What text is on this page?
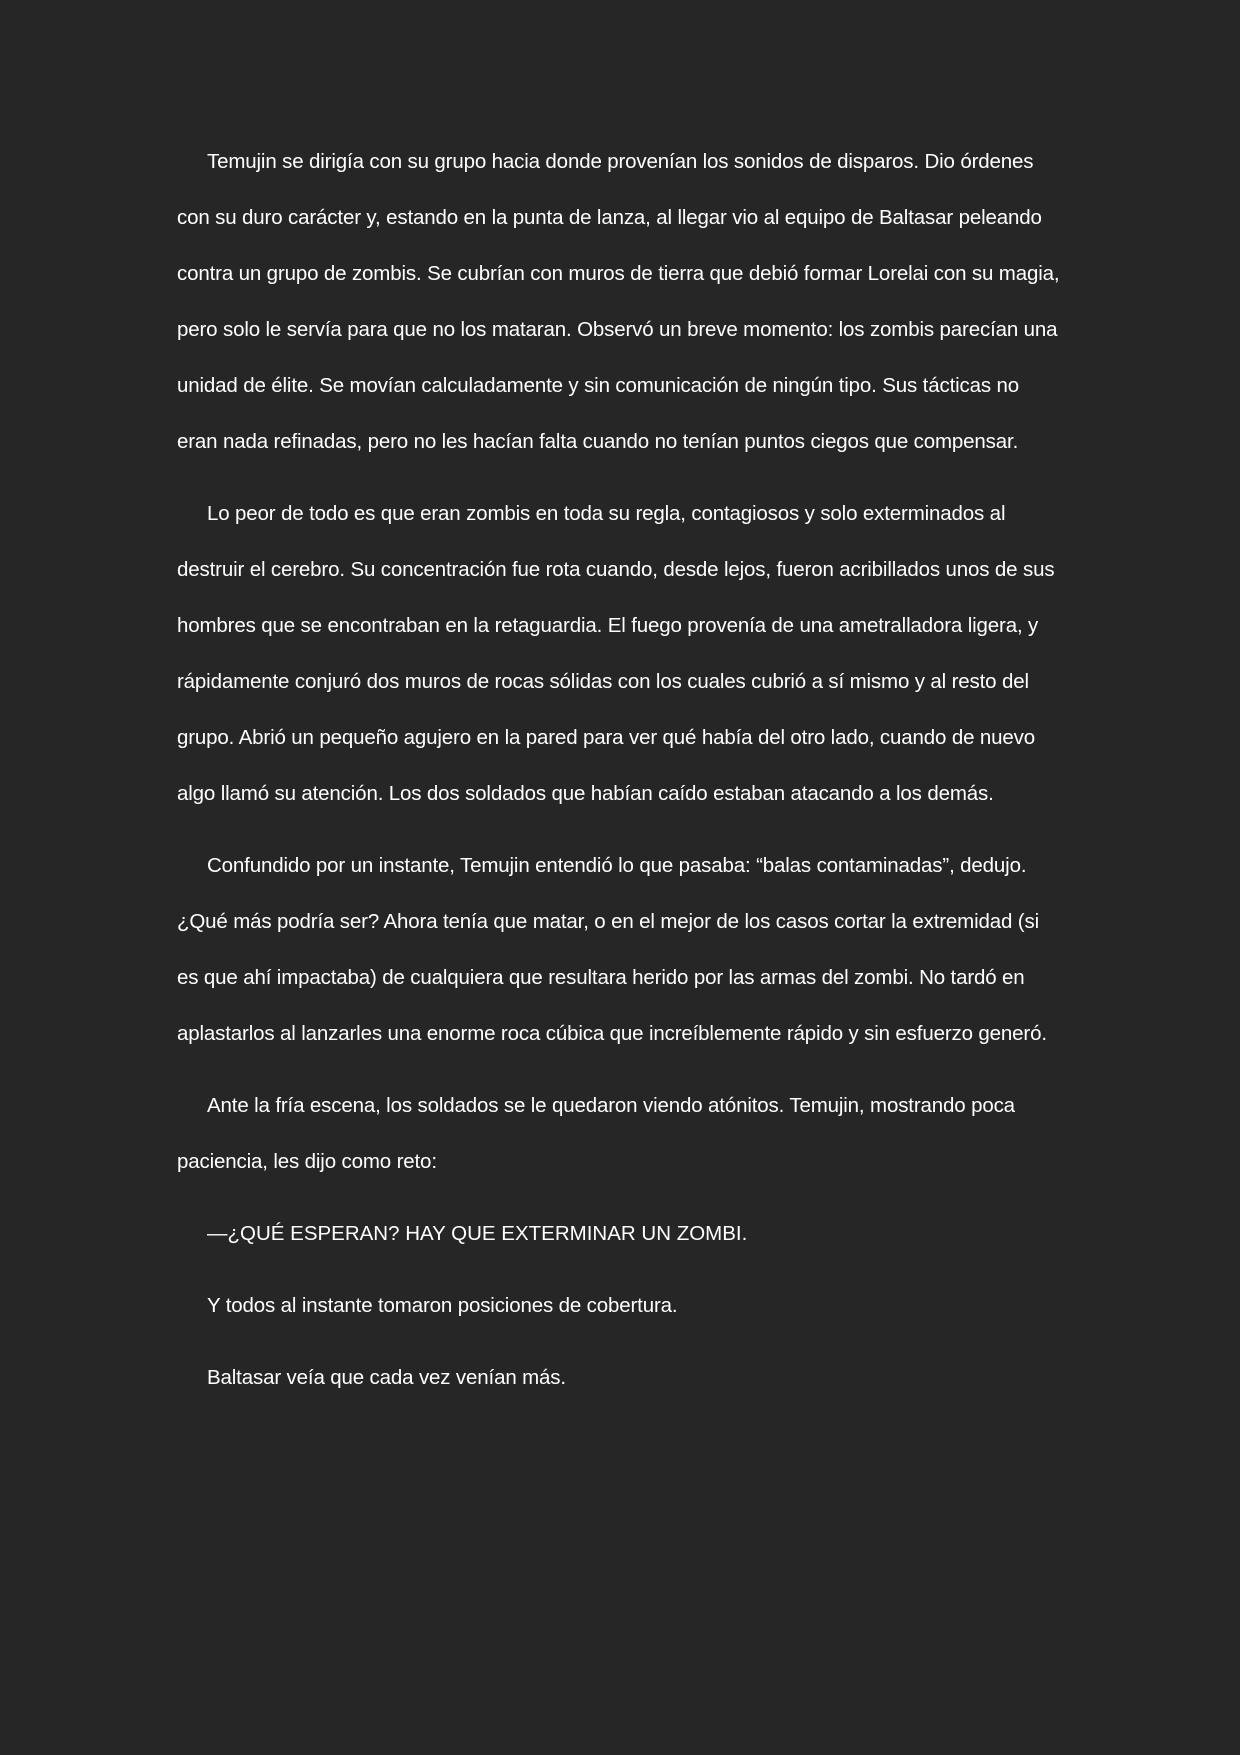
Temujin se dirigía con su grupo hacia donde provenían los sonidos de disparos. Dio órdenes con su duro carácter y, estando en la punta de lanza, al llegar vio al equipo de Baltasar peleando contra un grupo de zombis. Se cubrían con muros de tierra que debió formar Lorelai con su magia, pero solo le servía para que no los mataran. Observó un breve momento: los zombis parecían una unidad de élite. Se movían calculadamente y sin comunicación de ningún tipo. Sus tácticas no eran nada refinadas, pero no les hacían falta cuando no tenían puntos ciegos que compensar.

Lo peor de todo es que eran zombis en toda su regla, contagiosos y solo exterminados al destruir el cerebro. Su concentración fue rota cuando, desde lejos, fueron acribillados unos de sus hombres que se encontraban en la retaguardia. El fuego provenía de una ametralladora ligera, y rápidamente conjuró dos muros de rocas sólidas con los cuales cubrió a sí mismo y al resto del grupo. Abrió un pequeño agujero en la pared para ver qué había del otro lado, cuando de nuevo algo llamó su atención. Los dos soldados que habían caído estaban atacando a los demás.

Confundido por un instante, Temujin entendió lo que pasaba: “balas contaminadas”, dedujo. ¿Qué más podría ser? Ahora tenía que matar, o en el mejor de los casos cortar la extremidad (si es que ahí impactaba) de cualquiera que resultara herido por las armas del zombi. No tardó en aplastarlos al lanzarles una enorme roca cúbica que increíblemente rápido y sin esfuerzo generó.

Ante la fría escena, los soldados se le quedaron viendo atónitos. Temujin, mostrando poca paciencia, les dijo como reto:

—¿QUÉ ESPERAN? HAY QUE EXTERMINAR UN ZOMBI.

Y todos al instante tomaron posiciones de cobertura.

Baltasar veía que cada vez venían más.
